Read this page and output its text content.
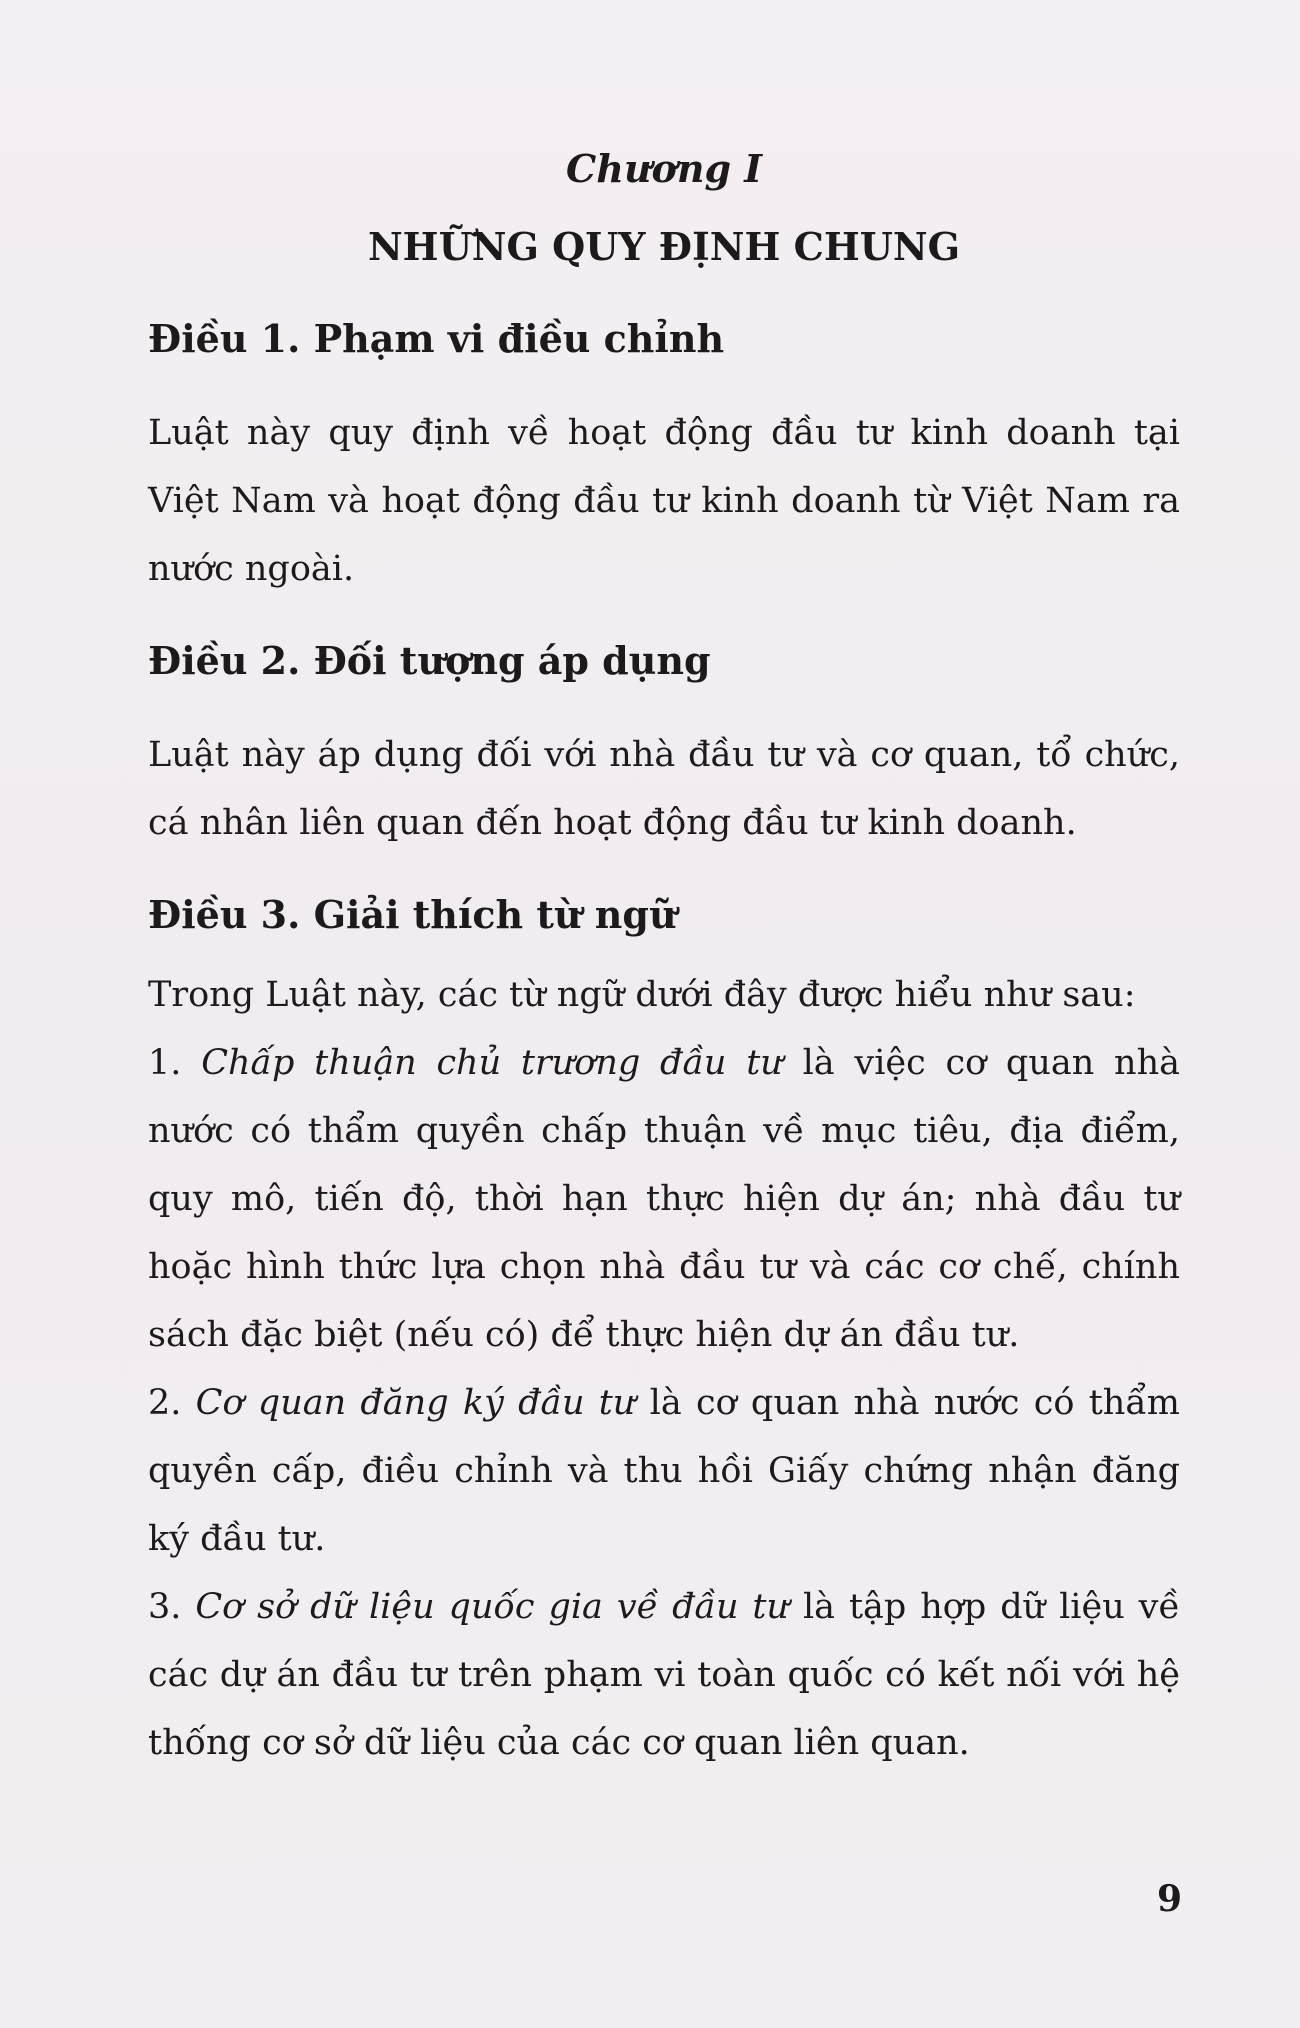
Chương I
NHỮNG QUY ĐỊNH CHUNG
Điều 1. Phạm vi điều chỉnh

Luật này quy định về hoạt động đầu tư kinh doanh tại Việt Nam và hoạt động đầu tư kinh doanh từ Việt Nam ra nước ngoài.

Điều 2. Đối tượng áp dụng

Luật này áp dụng đối với nhà đầu tư và cơ quan, tổ chức, cá nhân liên quan đến hoạt động đầu tư kinh doanh.

Điều 3. Giải thích từ ngữ

Trong Luật này, các từ ngữ dưới đây được hiểu như sau:

1. Chấp thuận chủ trương đầu tư là việc cơ quan nhà nước có thẩm quyền chấp thuận về mục tiêu, địa điểm, quy mô, tiến độ, thời hạn thực hiện dự án; nhà đầu tư hoặc hình thức lựa chọn nhà đầu tư và các cơ chế, chính sách đặc biệt (nếu có) để thực hiện dự án đầu tư.

2. Cơ quan đăng ký đầu tư là cơ quan nhà nước có thẩm quyền cấp, điều chỉnh và thu hồi Giấy chứng nhận đăng ký đầu tư.

3. Cơ sở dữ liệu quốc gia về đầu tư là tập hợp dữ liệu về các dự án đầu tư trên phạm vi toàn quốc có kết nối với hệ thống cơ sở dữ liệu của các cơ quan liên quan.

9
